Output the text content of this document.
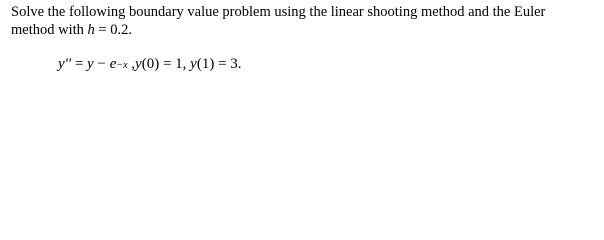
Solve the following boundary value problem using the linear shooting method and the Euler
method with h = 0.2.
y'' = y − e−x ,y(0) = 1, y(1) = 3.
